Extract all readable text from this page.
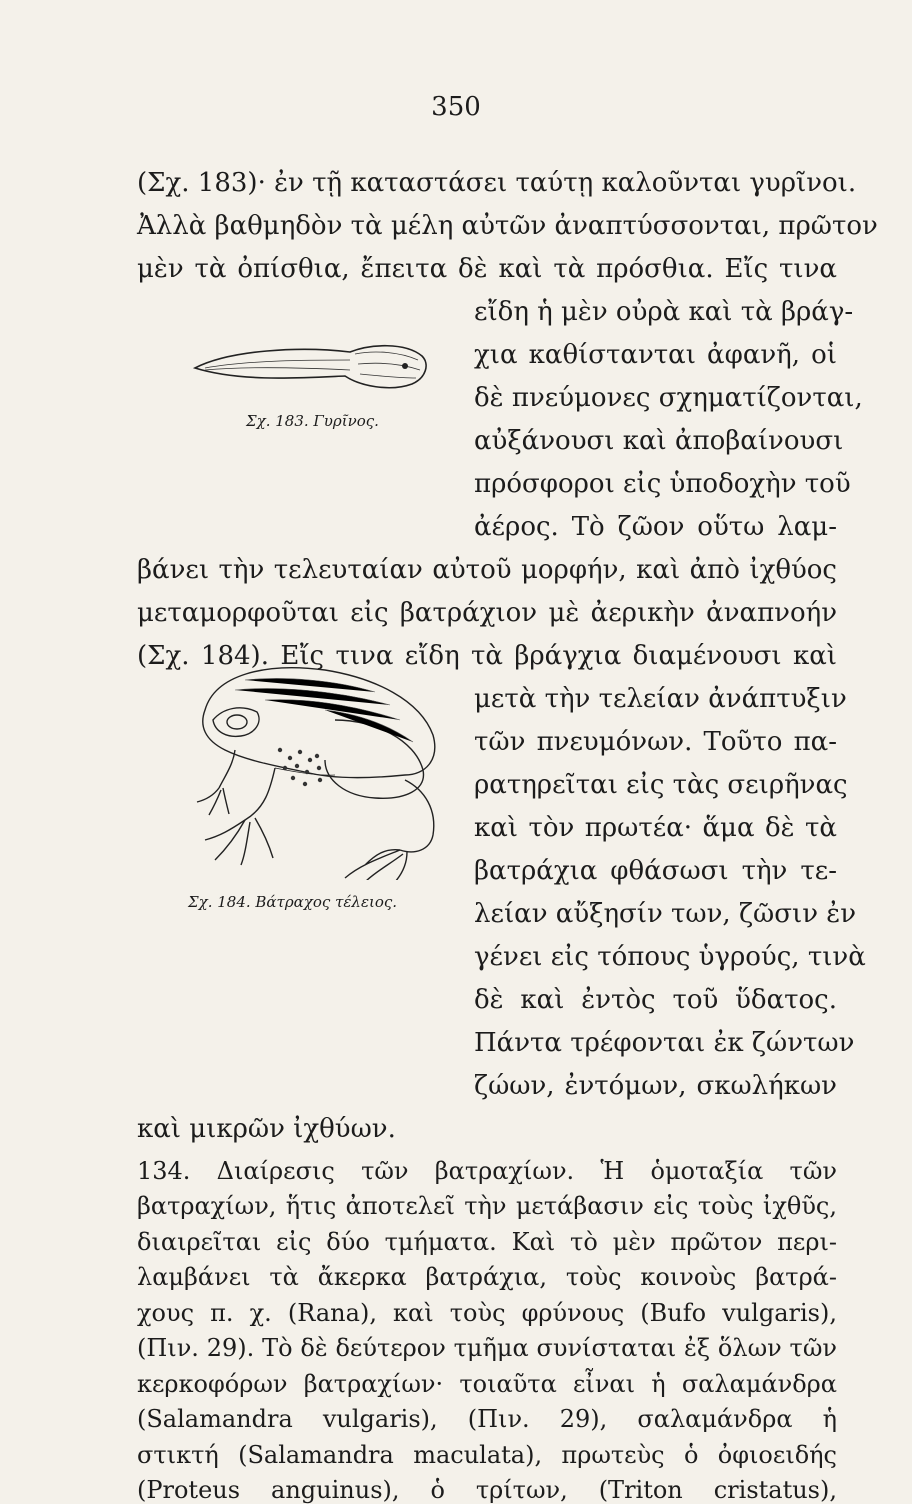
350
(Σχ. 183)· ἐν τῇ καταστάσει ταύτῃ καλοῦνται γυρῖνοι.
Ἀλλὰ βαθμηδὸν τὰ μέλη αὐτῶν ἀναπτύσσονται, πρῶτον
μὲν τὰ ὀπίσθια, ἔπειτα δὲ καὶ τὰ πρόσθια. Εἴς τινα
εἴδη ἡ μὲν οὐρὰ καὶ τὰ βράγ-
χια καθίστανται ἀφανῆ, οἱ
δὲ πνεύμονες σχηματίζονται,
αὐξάνουσι καὶ ἀποβαίνουσι
πρόσφοροι εἰς ὑποδοχὴν τοῦ
ἀέρος. Τὸ ζῶον οὕτω λαμ-
Σχ. 183. Γυρῖνος.
βάνει τὴν τελευταίαν αὐτοῦ μορφήν, καὶ ἀπὸ ἰχθύος
μεταμορφοῦται εἰς βατράχιον μὲ ἀερικὴν ἀναπνοήν
(Σχ. 184). Εἴς τινα εἴδη τὰ βράγχια διαμένουσι καὶ
μετὰ τὴν τελείαν ἀνάπτυξιν
τῶν πνευμόνων. Τοῦτο πα-
ρατηρεῖται εἰς τὰς σειρῆνας
καὶ τὸν πρωτέα· ἅμα δὲ τὰ
βατράχια φθάσωσι τὴν τε-
λείαν αὔξησίν των, ζῶσιν ἐν
γένει εἰς τόπους ὑγρούς, τινὰ
δὲ καὶ ἐντὸς τοῦ ὕδατος.
Πάντα τρέφονται ἐκ ζώντων
ζώων, ἐντόμων, σκωλήκων
Σχ. 184. Βάτραχος τέλειος.
καὶ μικρῶν ἰχθύων.
134. Διαίρεσις τῶν βατραχίων. Ἡ ὁμοταξία τῶν
βατραχίων, ἥτις ἀποτελεῖ τὴν μετάβασιν εἰς τοὺς ἰχθῦς,
διαιρεῖται εἰς δύο τμήματα. Καὶ τὸ μὲν πρῶτον περι-
λαμβάνει τὰ ἄκερκα βατράχια, τοὺς κοινοὺς βατρά-
χους π. χ. (Rana), καὶ τοὺς φρύνους (Bufo vulgaris),
(Πιν. 29). Τὸ δὲ δεύτερον τμῆμα συνίσταται ἐξ ὅλων τῶν
κερκοφόρων βατραχίων· τοιαῦτα εἶναι ἡ σαλαμάνδρα
(Salamandra vulgaris), (Πιν. 29), σαλαμάνδρα ἡ
στικτή (Salamandra maculata), πρωτεὺς ὁ ὀφιοειδής
(Proteus anguinus), ὁ τρίτων, (Triton cristatus),
